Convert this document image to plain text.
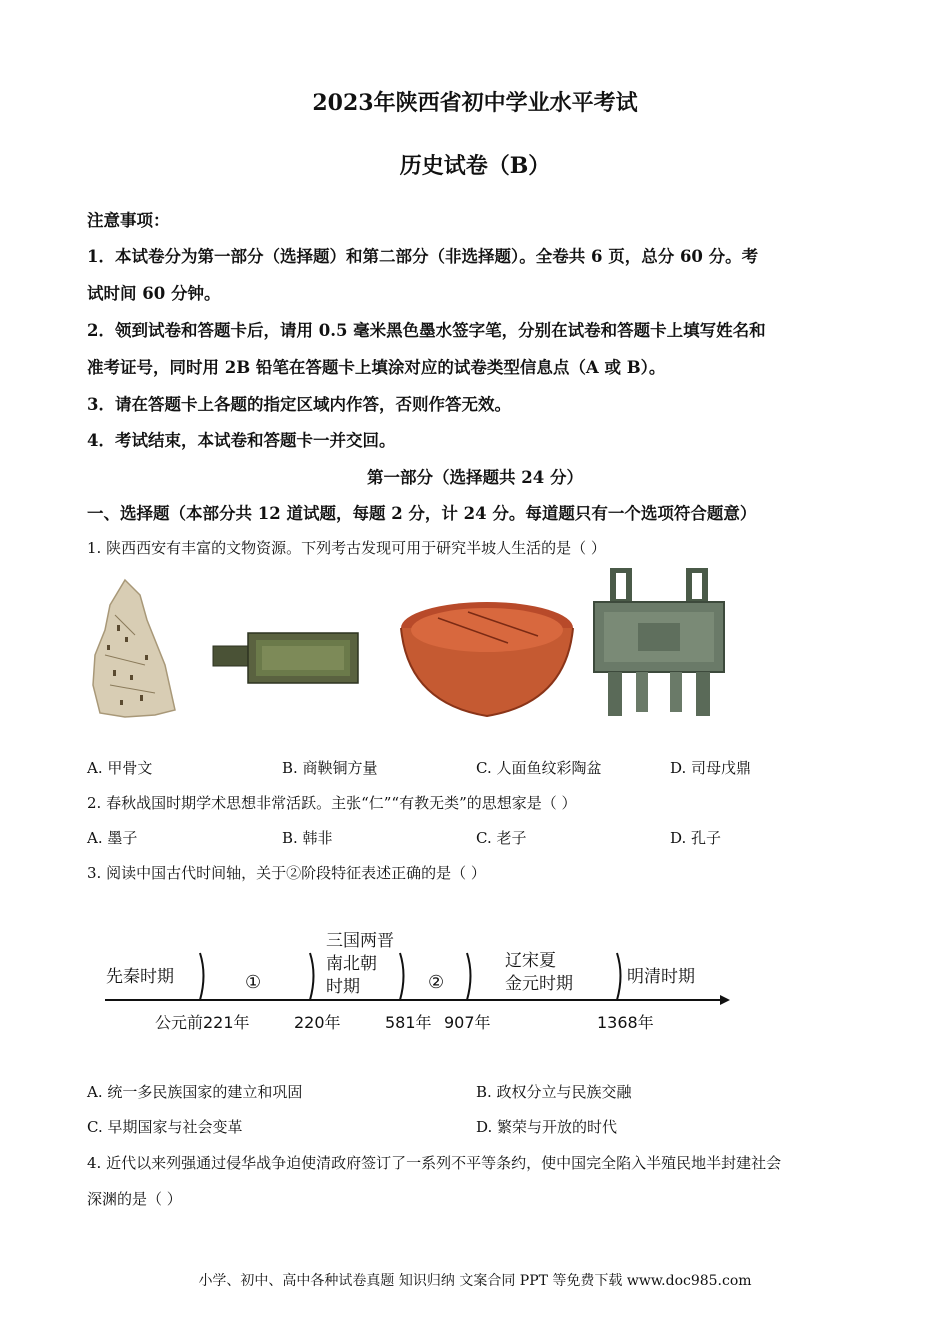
2023年陕西省初中学业水平考试
历史试卷（B）
注意事项：
1．本试卷分为第一部分（选择题）和第二部分（非选择题）。全卷共 6 页，总分 60 分。考
试时间 60 分钟。
2．领到试卷和答题卡后，请用 0.5 毫米黑色墨水签字笔，分别在试卷和答题卡上填写姓名和
准考证号，同时用 2B 铅笔在答题卡上填涂对应的试卷类型信息点（A 或 B）。
3．请在答题卡上各题的指定区域内作答，否则作答无效。
4．考试结束，本试卷和答题卡一并交回。
第一部分（选择题共 24 分）
一、选择题（本部分共 12 道试题，每题 2 分，计 24 分。每道题只有一个选项符合题意）
1. 陕西西安有丰富的文物资源。下列考古发现可用于研究半坡人生活的是（ ）
A. 甲骨文	B. 商鞅铜方量	C. 人面鱼纹彩陶盆	D. 司母戊鼎
2. 春秋战国时期学术思想非常活跃。主张“仁”“有教无类”的思想家是（ ）
A. 墨子	B. 韩非	C. 老子	D. 孔子
3. 阅读中国古代时间轴，关于②阶段特征表述正确的是（ ）
先秦时期	①
三国两晋
南北朝
时期	②
辽宋夏
金元时期	明清时期
公元前221年	220年	581年 907年	1368年
A. 统一多民族国家的建立和巩固	B. 政权分立与民族交融
C. 早期国家与社会变革	D. 繁荣与开放的时代
4. 近代以来列强通过侵华战争迫使清政府签订了一系列不平等条约，使中国完全陷入半殖民地半封建社会
深渊的是（ ）
小学、初中、高中各种试卷真题 知识归纳 文案合同 PPT 等免费下载 www.doc985.com
